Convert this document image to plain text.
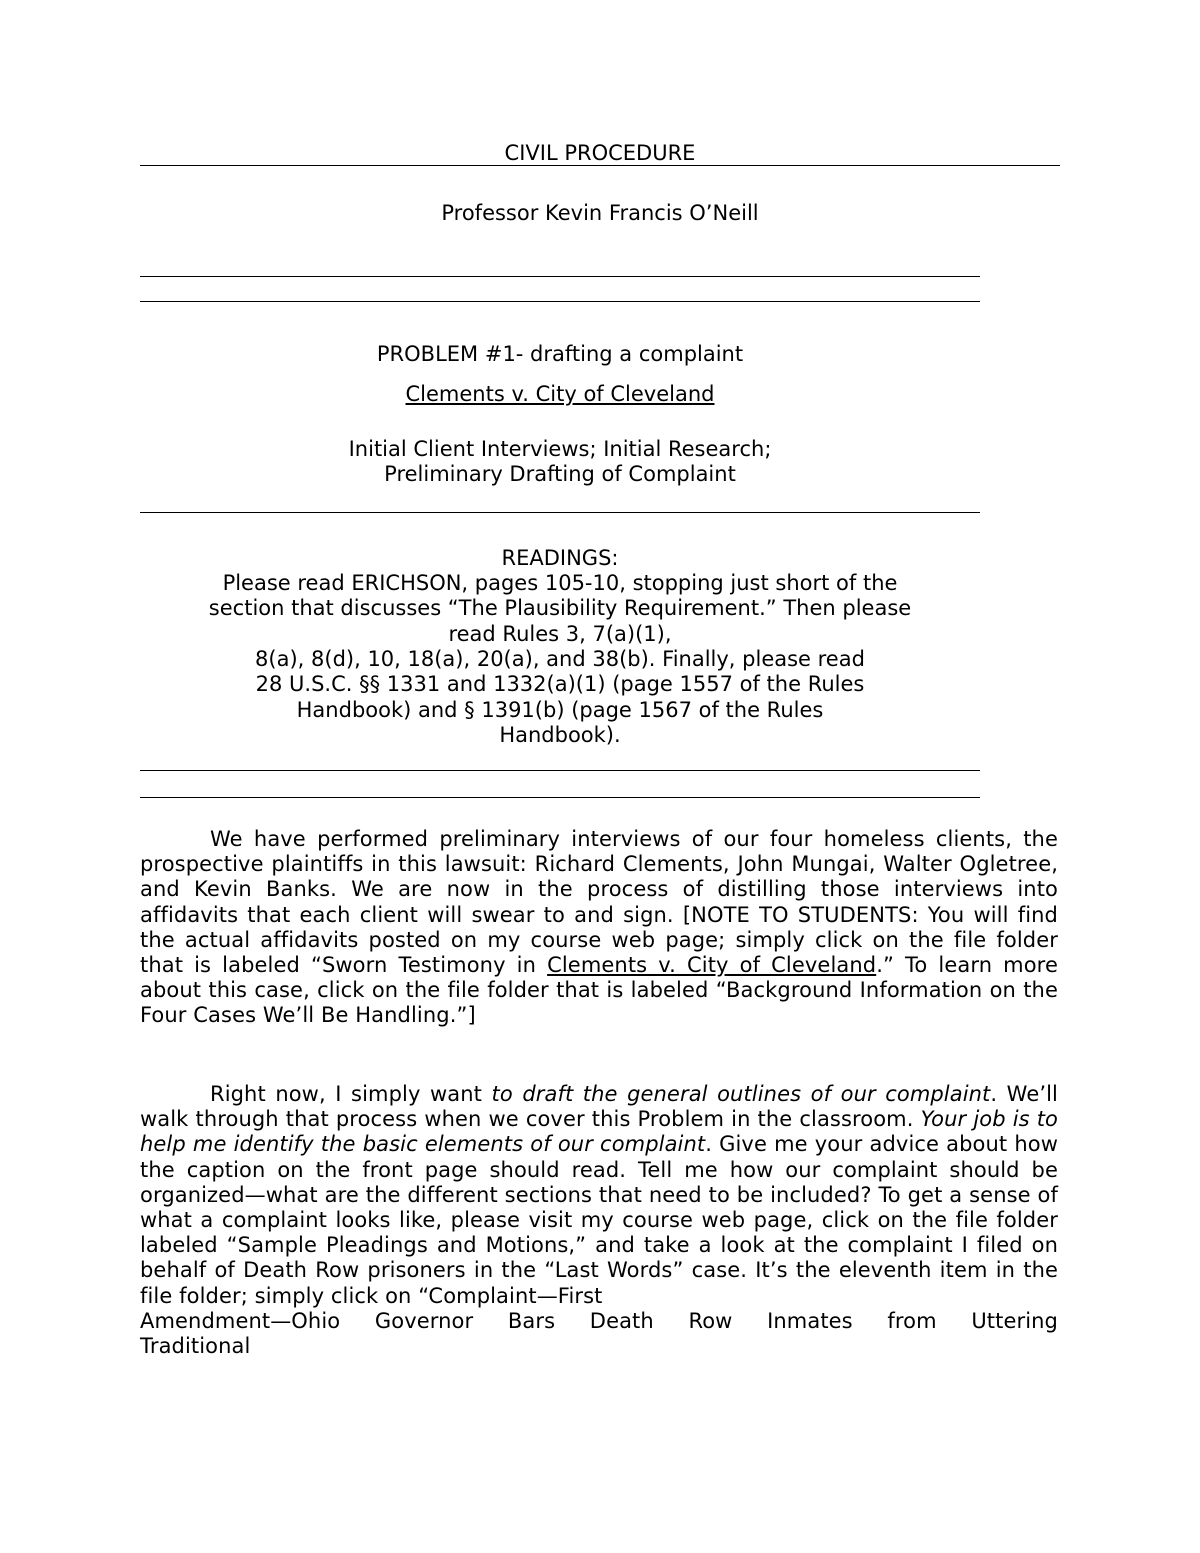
CIVIL PROCEDURE
Professor Kevin Francis O’Neill
PROBLEM #1- drafting a complaint
Clements v. City of Cleveland
Initial Client Interviews; Initial Research;
Preliminary Drafting of Complaint
READINGS:
Please read ERICHSON, pages 105-10, stopping just short of the
section that discusses “The Plausibility Requirement.” Then please
read Rules 3, 7(a)(1),
8(a), 8(d), 10, 18(a), 20(a), and 38(b). Finally, please read
28 U.S.C. §§ 1331 and 1332(a)(1) (page 1557 of the Rules
Handbook) and § 1391(b) (page 1567 of the Rules
Handbook).

We have performed preliminary interviews of our four homeless clients, the prospective plaintiffs in this lawsuit: Richard Clements, John Mungai, Walter Ogletree, and Kevin Banks. We are now in the process of distilling those interviews into affidavits that each client will swear to and sign. [NOTE TO STUDENTS: You will find the actual affidavits posted on my course web page; simply click on the file folder that is labeled “Sworn Testimony in Clements v. City of Cleveland.” To learn more about this case, click on the file folder that is labeled “Background Information on the Four Cases We’ll Be Handling.”]

Right now, I simply want to draft the general outlines of our complaint. We’ll walk through that process when we cover this Problem in the classroom. Your job is to help me identify the basic elements of our complaint. Give me your advice about how the caption on the front page should read. Tell me how our complaint should be organized—what are the different sections that need to be included? To get a sense of what a complaint looks like, please visit my course web page, click on the file folder labeled “Sample Pleadings and Motions,” and take a look at the complaint I filed on behalf of Death Row prisoners in the “Last Words” case. It’s the eleventh item in the file folder; simply click on “Complaint—First

Amendment—Ohio Governor Bars Death Row Inmates from Uttering

Traditional
